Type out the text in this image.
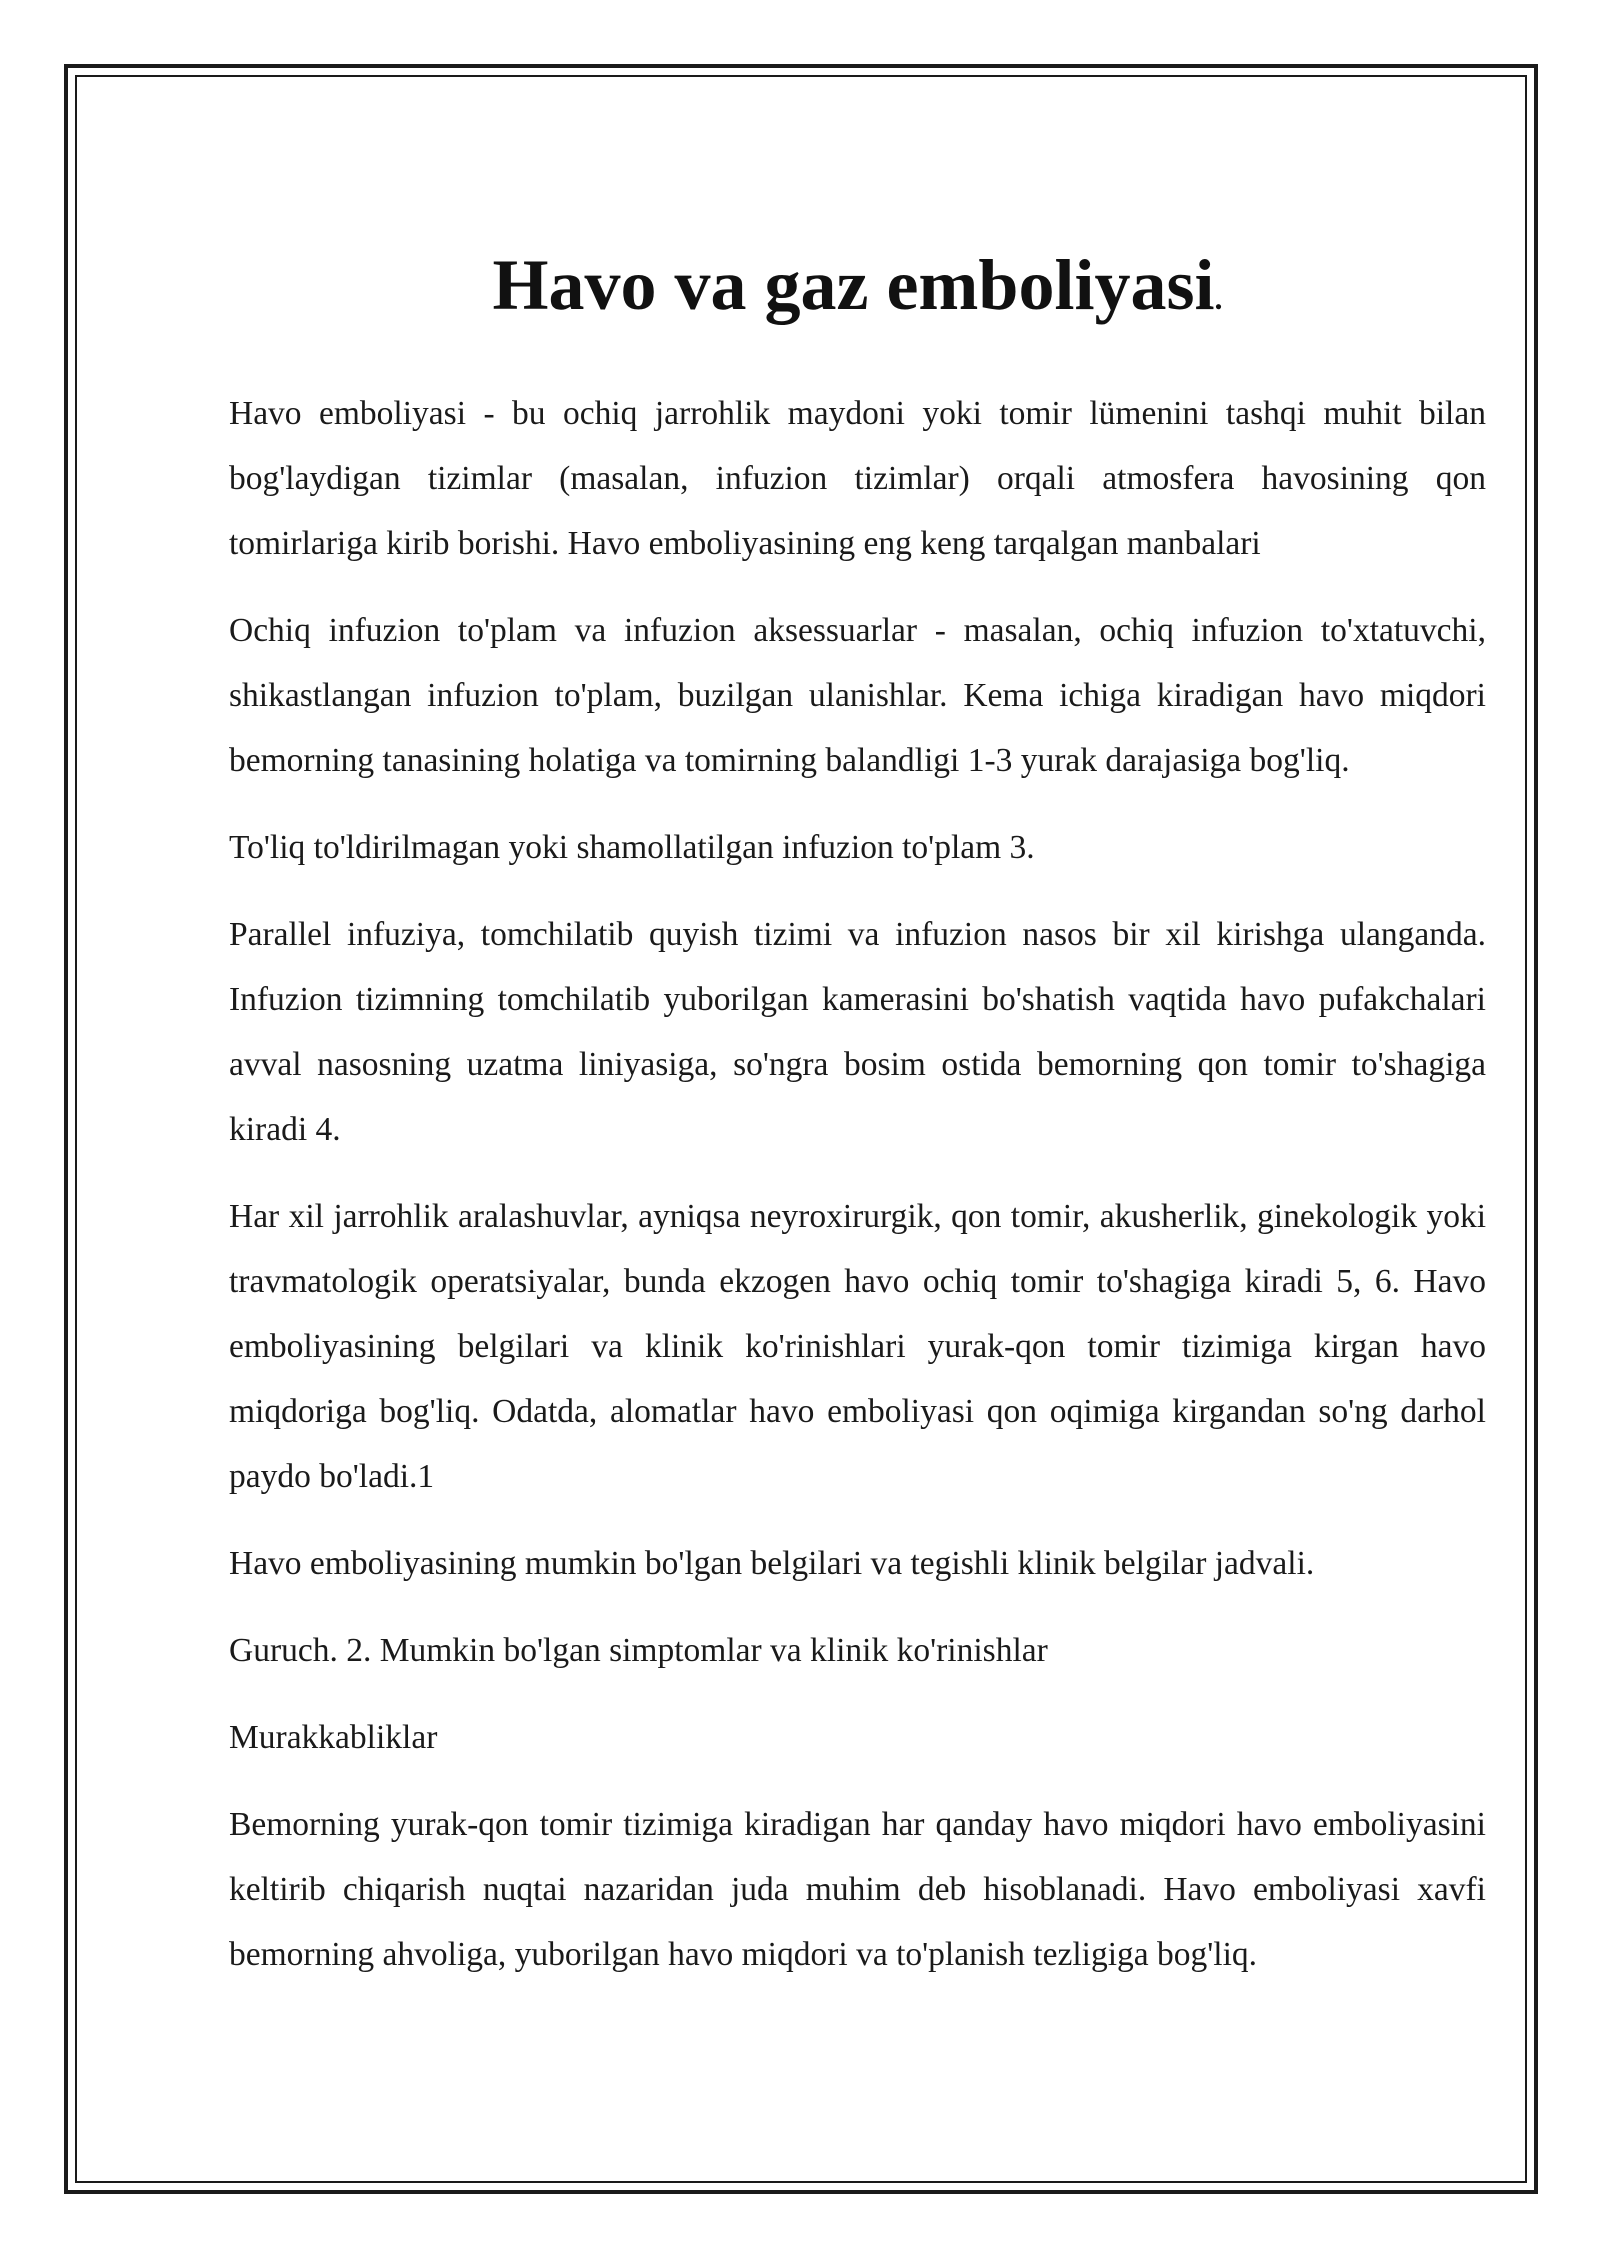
Havo va gaz emboliyasi.

Havo emboliyasi - bu ochiq jarrohlik maydoni yoki tomir lümenini tashqi muhit bilan bog'laydigan tizimlar (masalan, infuzion tizimlar) orqali atmosfera havosining qon tomirlariga kirib borishi. Havo emboliyasining eng keng tarqalgan manbalari

Ochiq infuzion to'plam va infuzion aksessuarlar - masalan, ochiq infuzion to'xtatuvchi, shikastlangan infuzion to'plam, buzilgan ulanishlar. Kema ichiga kiradigan havo miqdori bemorning tanasining holatiga va tomirning balandligi 1-3 yurak darajasiga bog'liq.

To'liq to'ldirilmagan yoki shamollatilgan infuzion to'plam 3.

Parallel infuziya, tomchilatib quyish tizimi va infuzion nasos bir xil kirishga ulanganda. Infuzion tizimning tomchilatib yuborilgan kamerasini bo'shatish vaqtida havo pufakchalari avval nasosning uzatma liniyasiga, so'ngra bosim ostida bemorning qon tomir to'shagiga kiradi 4.

Har xil jarrohlik aralashuvlar, ayniqsa neyroxirurgik, qon tomir, akusherlik, ginekologik yoki travmatologik operatsiyalar, bunda ekzogen havo ochiq tomir to'shagiga kiradi 5, 6. Havo emboliyasining belgilari va klinik ko'rinishlari yurak-qon tomir tizimiga kirgan havo miqdoriga bog'liq. Odatda, alomatlar havo emboliyasi qon oqimiga kirgandan so'ng darhol paydo bo'ladi.1

Havo emboliyasining mumkin bo'lgan belgilari va tegishli klinik belgilar jadvali.

Guruch. 2. Mumkin bo'lgan simptomlar va klinik ko'rinishlar

Murakkabliklar

Bemorning yurak-qon tomir tizimiga kiradigan har qanday havo miqdori havo emboliyasini keltirib chiqarish nuqtai nazaridan juda muhim deb hisoblanadi. Havo emboliyasi xavfi bemorning ahvoliga, yuborilgan havo miqdori va to'planish tezligiga bog'liq.
